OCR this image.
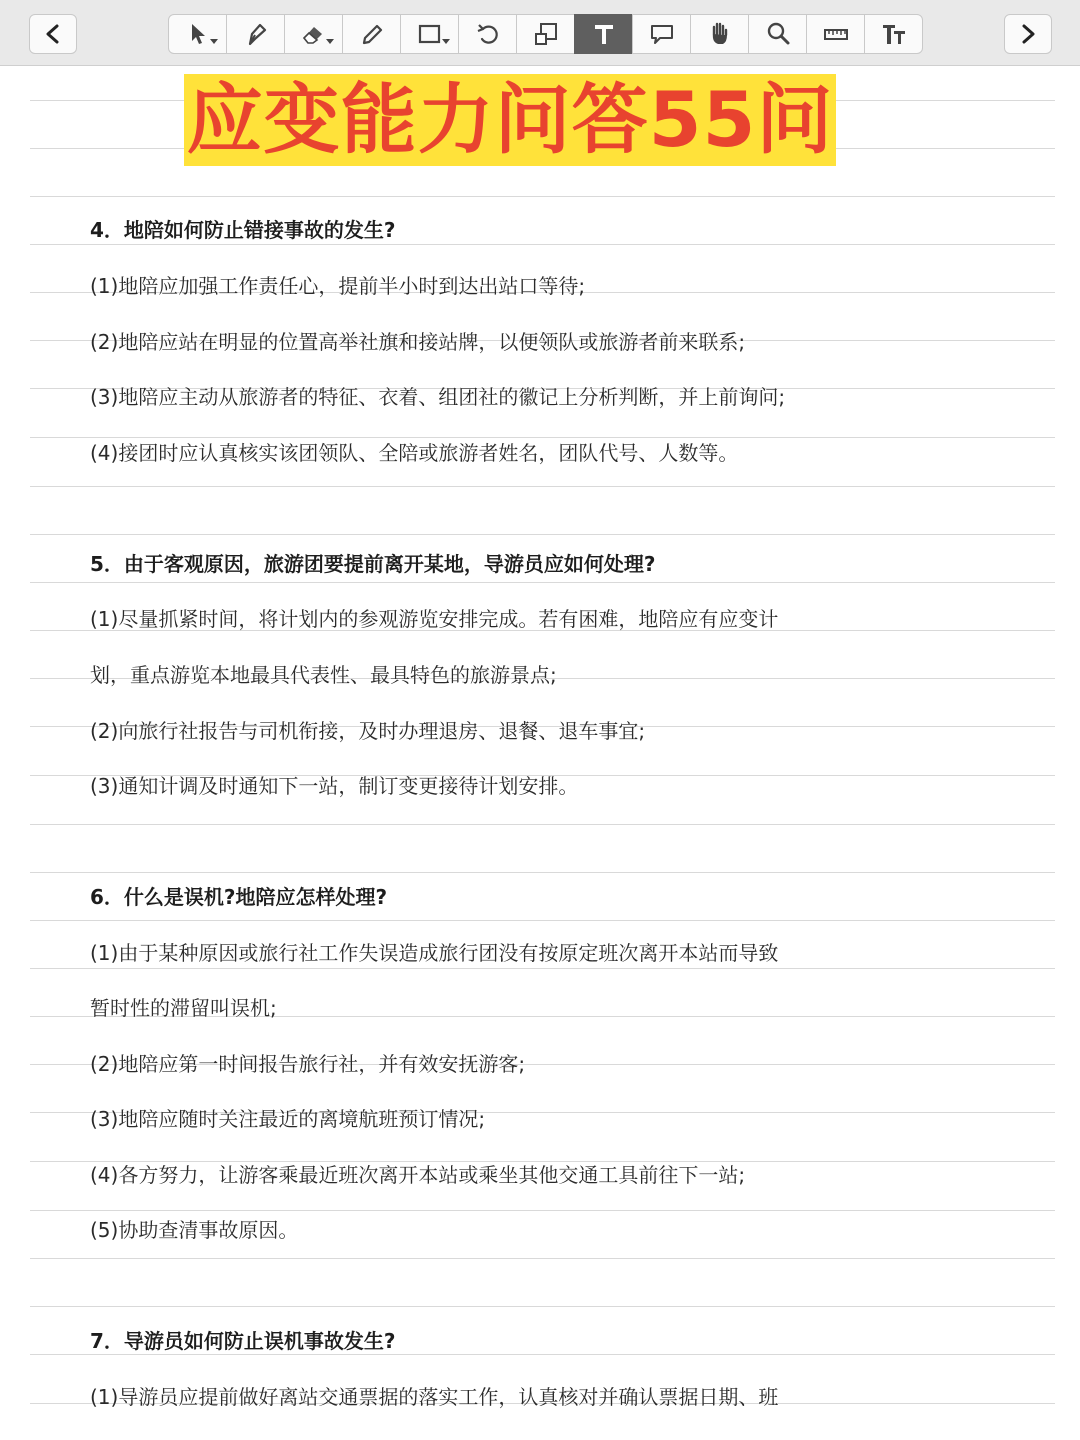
应变能力问答55问
4．地陪如何防止错接事故的发生?
(1)地陪应加强工作责任心，提前半小时到达出站口等待;
(2)地陪应站在明显的位置高举社旗和接站牌，以便领队或旅游者前来联系;
(3)地陪应主动从旅游者的特征、衣着、组团社的徽记上分析判断，并上前询问;
(4)接团时应认真核实该团领队、全陪或旅游者姓名，团队代号、人数等。
5．由于客观原因，旅游团要提前离开某地，导游员应如何处理?
(1)尽量抓紧时间，将计划内的参观游览安排完成。若有困难，地陪应有应变计
划，重点游览本地最具代表性、最具特色的旅游景点;
(2)向旅行社报告与司机衔接，及时办理退房、退餐、退车事宜;
(3)通知计调及时通知下一站，制订变更接待计划安排。
6．什么是误机?地陪应怎样处理?
(1)由于某种原因或旅行社工作失误造成旅行团没有按原定班次离开本站而导致
暂时性的滞留叫误机;
(2)地陪应第一时间报告旅行社，并有效安抚游客;
(3)地陪应随时关注最近的离境航班预订情况;
(4)各方努力，让游客乘最近班次离开本站或乘坐其他交通工具前往下一站;
(5)协助查清事故原因。
7．导游员如何防止误机事故发生?
(1)导游员应提前做好离站交通票据的落实工作，认真核对并确认票据日期、班
